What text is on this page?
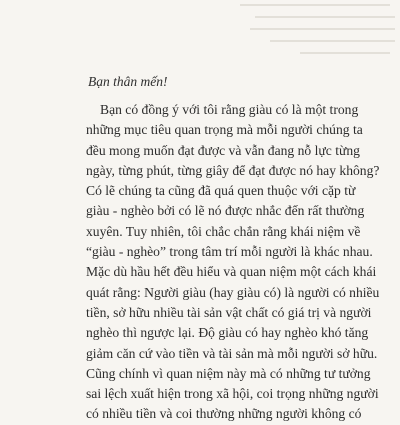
Bạn thân mến!
Bạn có đồng ý với tôi rằng giàu có là một trong
những mục tiêu quan trọng mà mỗi người chúng ta
đều mong muốn đạt được và vẫn đang nỗ lực từng
ngày, từng phút, từng giây để đạt được nó hay không?
Có lẽ chúng ta cũng đã quá quen thuộc với cặp từ
giàu - nghèo bởi có lẽ nó được nhắc đến rất thường
xuyên. Tuy nhiên, tôi chắc chắn rằng khái niệm về
“giàu - nghèo” trong tâm trí mỗi người là khác nhau.
Mặc dù hầu hết đều hiểu và quan niệm một cách khái
quát rằng: Người giàu (hay giàu có) là người có nhiều
tiền, sở hữu nhiều tài sản vật chất có giá trị và người
nghèo thì ngược lại. Độ giàu có hay nghèo khó tăng
giảm căn cứ vào tiền và tài sản mà mỗi người sở hữu.
Cũng chính vì quan niệm này mà có những tư tưởng
sai lệch xuất hiện trong xã hội, coi trọng những người
có nhiều tiền và coi thường những người không có
